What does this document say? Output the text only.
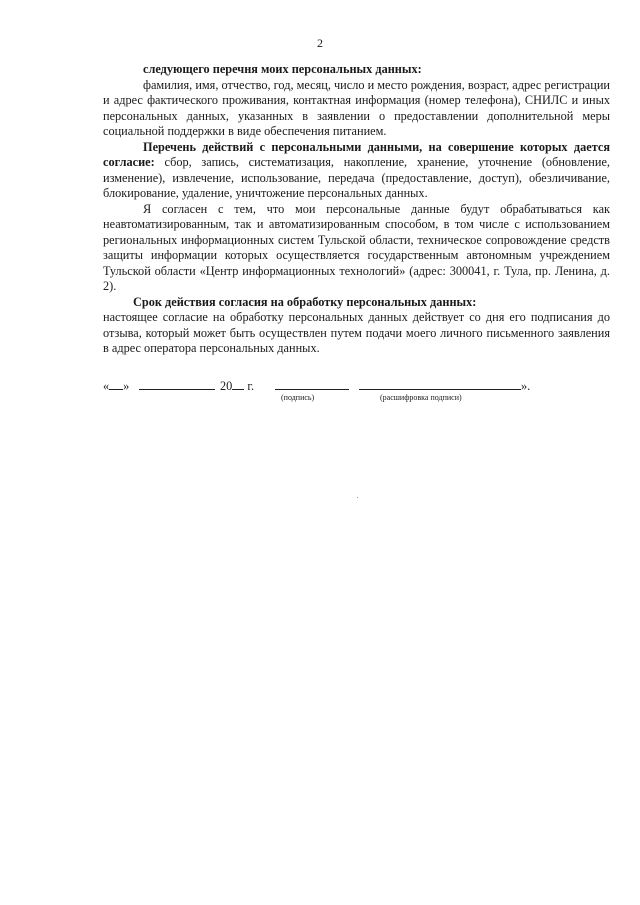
2

следующего перечня моих персональных данных:

фамилия, имя, отчество, год, месяц, число и место рождения, возраст, адрес регистрации и адрес фактического проживания, контактная информация (номер телефона), СНИЛС и иных персональных данных, указанных в заявлении о предоставлении дополнительной меры социальной поддержки в виде обеспечения питанием.

Перечень действий с персональными данными, на совершение которых дается согласие: сбор, запись, систематизация, накопление, хранение, уточнение (обновление, изменение), извлечение, использование, передача (предоставление, доступ), обезличивание, блокирование, удаление, уничтожение персональных данных.

Я согласен с тем, что мои персональные данные будут обрабатываться как неавтоматизированным, так и автоматизированным способом, в том числе с использованием региональных информационных систем Тульской области, техническое сопровождение средств защиты информации которых осуществляется государственным автономным учреждением Тульской области «Центр информационных технологий» (адрес: 300041, г. Тула, пр. Ленина, д. 2).

Срок действия согласия на обработку персональных данных:

настоящее согласие на обработку персональных данных действует со дня его подписания до отзыва, который может быть осуществлен путем подачи моего личного письменного заявления в адрес оператора персональных данных.

« »	20 г.	».
(подпись)	(расшифровка подписи)
